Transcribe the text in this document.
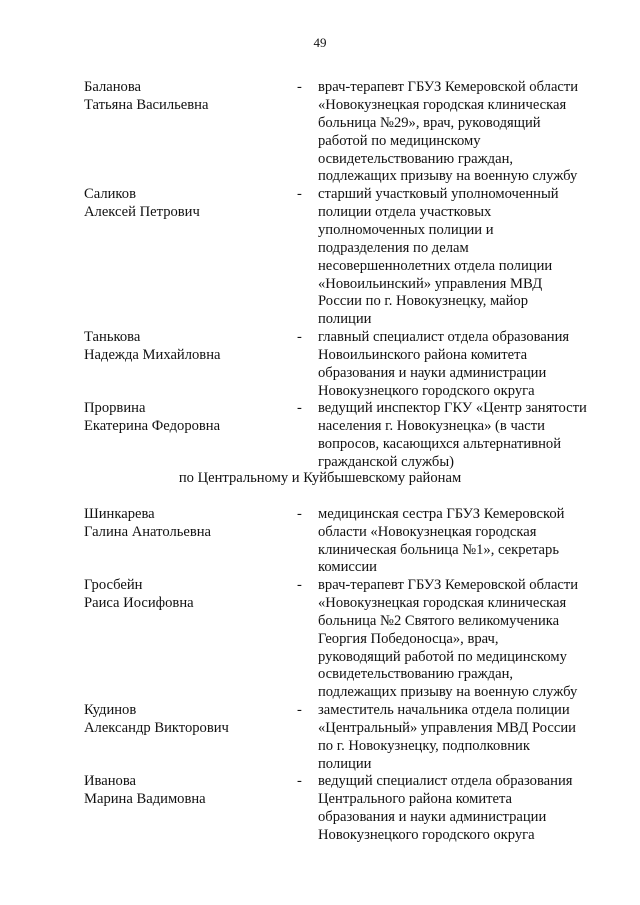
49
Баланова
Татьяна Васильевна
- врач-терапевт ГБУЗ Кемеровской области
«Новокузнецкая городская клиническая
больница №29», врач, руководящий
работой по медицинскому
освидетельствованию граждан,
подлежащих призыву на военную службу
Саликов
Алексей Петрович
- старший участковый уполномоченный
полиции отдела участковых
уполномоченных полиции и
подразделения по делам
несовершеннолетних отдела полиции
«Новоильинский» управления МВД
России по г. Новокузнецку, майор
полиции
Танькова
Надежда Михайловна
- главный специалист отдела образования
Новоильинского района комитета
образования и науки администрации
Новокузнецкого городского округа
Прорвина
Екатерина Федоровна
- ведущий инспектор ГКУ «Центр занятости
населения г. Новокузнецка» (в части
вопросов, касающихся альтернативной
гражданской службы)
по Центральному и Куйбышевскому районам
Шинкарева
Галина Анатольевна
- медицинская сестра ГБУЗ Кемеровской
области «Новокузнецкая городская
клиническая больница №1», секретарь
комиссии
Гросбейн
Раиса Иосифовна
- врач-терапевт ГБУЗ Кемеровской области
«Новокузнецкая городская клиническая
больница №2 Святого великомученика
Георгия Победоносца», врач,
руководящий работой по медицинскому
освидетельствованию граждан,
подлежащих призыву на военную службу
Кудинов
Александр Викторович
- заместитель начальника отдела полиции
«Центральный» управления МВД России
по г. Новокузнецку, подполковник
полиции
Иванова
Марина Вадимовна
- ведущий специалист отдела образования
Центрального района комитета
образования и науки администрации
Новокузнецкого городского округа
